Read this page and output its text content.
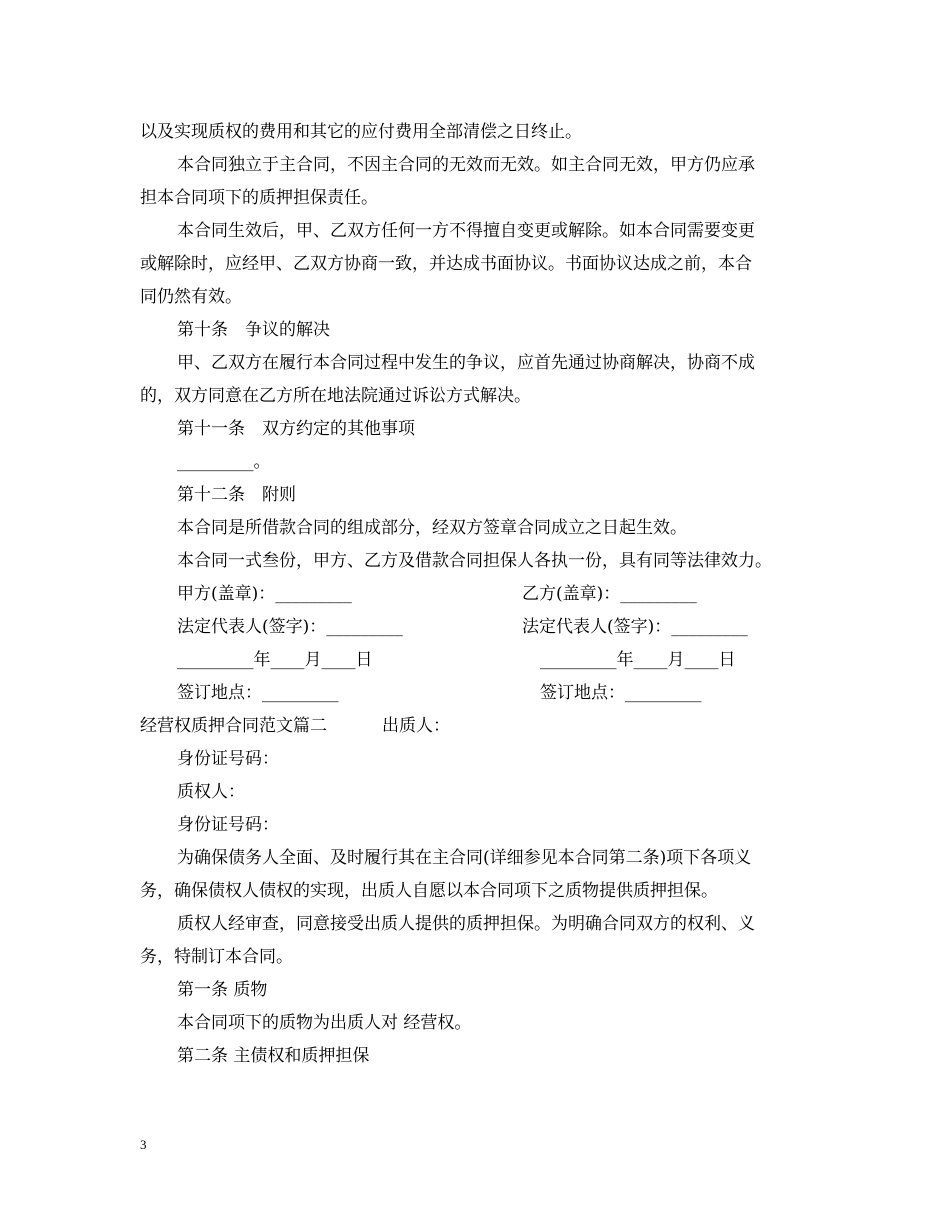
以及实现质权的费用和其它的应付费用全部清偿之日终止。
本合同独立于主合同，不因主合同的无效而无效。如主合同无效，甲方仍应承
担本合同项下的质押担保责任。
本合同生效后，甲、乙双方任何一方不得擅自变更或解除。如本合同需要变更
或解除时，应经甲、乙双方协商一致，并达成书面协议。书面协议达成之前，本合
同仍然有效。
第十条　争议的解决
甲、乙双方在履行本合同过程中发生的争议，应首先通过协商解决，协商不成
的，双方同意在乙方所在地法院通过诉讼方式解决。
第十一条　双方约定的其他事项
_________。
第十二条　附则
本合同是所借款合同的组成部分，经双方签章合同成立之日起生效。
本合同一式叁份，甲方、乙方及借款合同担保人各执一份，具有同等法律效力。
甲方(盖章)：_________	乙方(盖章)：_________
法定代表人(签字)：_________	法定代表人(签字)：_________
_________年____月____日	_________年____月____日
签订地点：_________	签订地点：_________
经营权质押合同范文篇二	出质人：
身份证号码：
质权人：
身份证号码：
为确保债务人全面、及时履行其在主合同(详细参见本合同第二条)项下各项义
务，确保债权人债权的实现，出质人自愿以本合同项下之质物提供质押担保。
质权人经审查，同意接受出质人提供的质押担保。为明确合同双方的权利、义
务，特制订本合同。
第一条 质物
本合同项下的质物为出质人对 经营权。
第二条 主债权和质押担保
3
